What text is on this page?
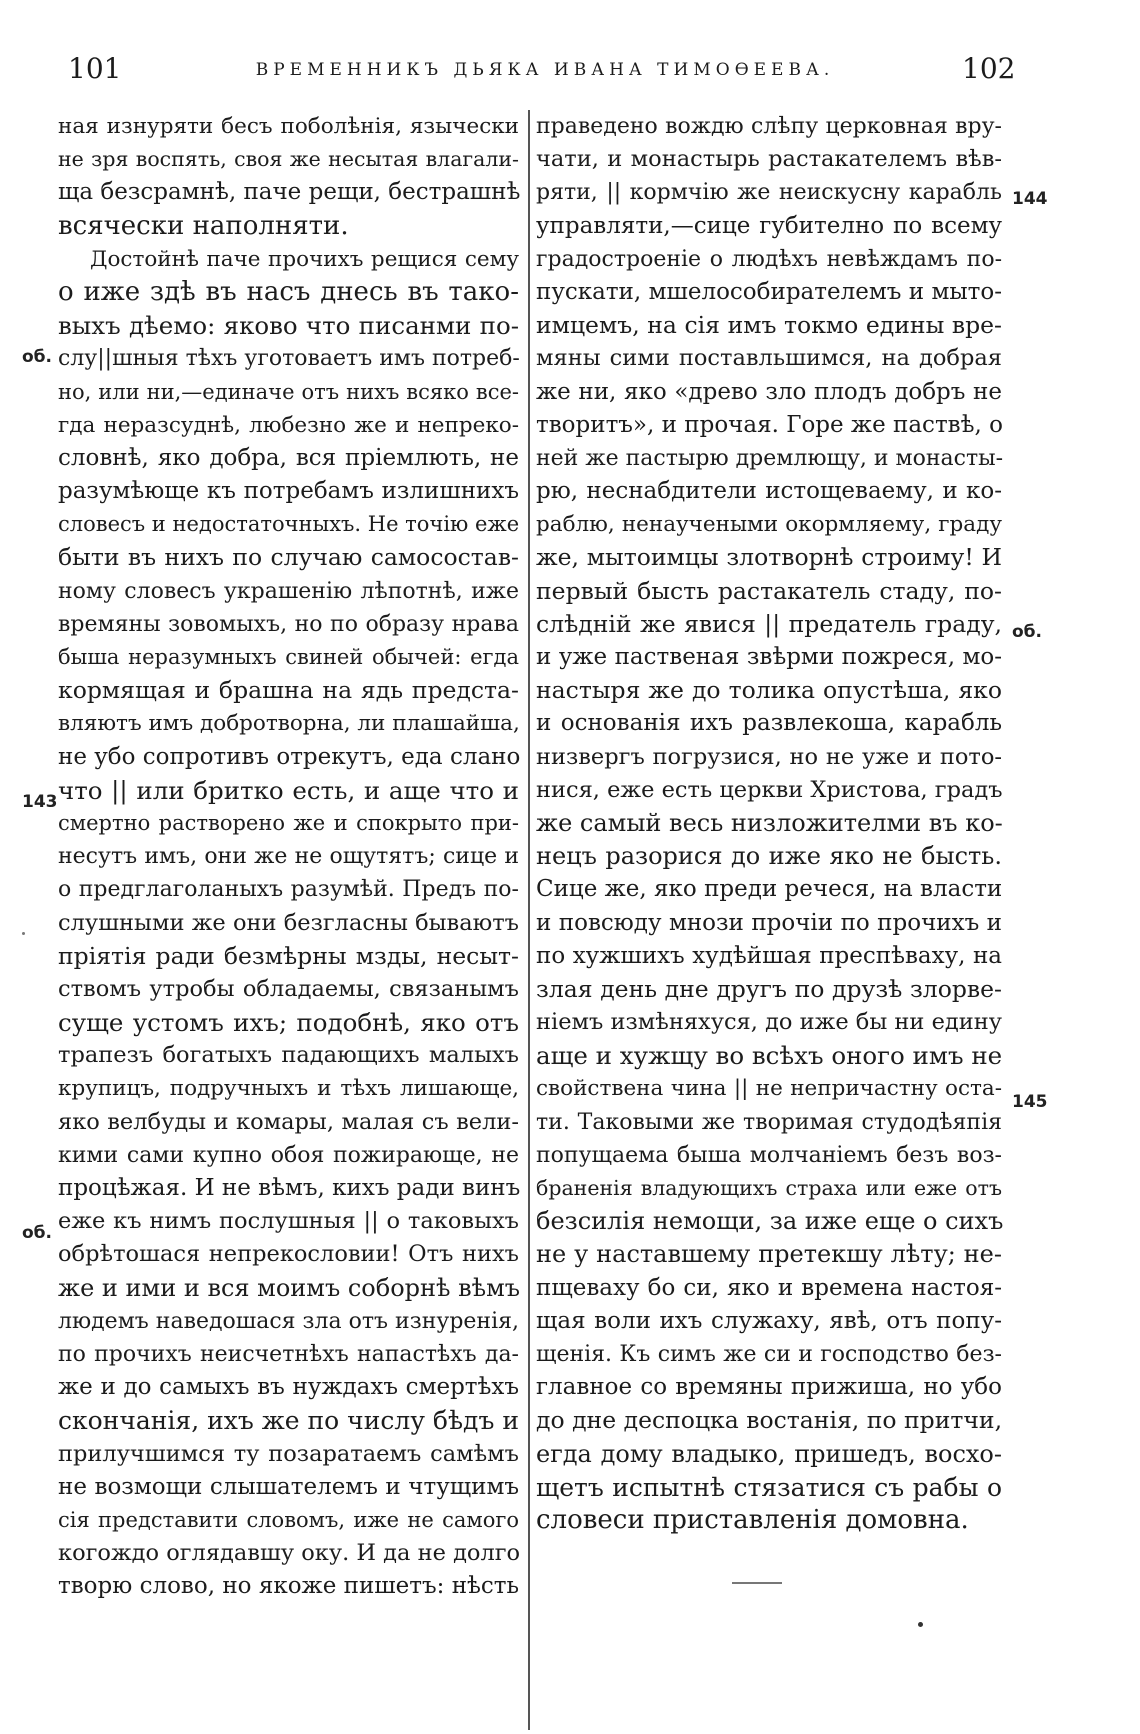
101	ВРЕМЕННИКЪ ДЬЯКА ИВАНА ТИМОѲЕЕВА.	102
ная изнуряти бесъ поболѣнія, язычески
не зря воспять, своя же несытая влагали-
ща безсрамнѣ, паче рещи, бестрашнѣ
всячески наполняти.
Достойнѣ паче прочихъ рещися сему
о иже здѣ въ насъ днесь въ тако-
выхъ дѣемо: яково что писанми по-
слу||шныя тѣхъ уготоваетъ имъ потреб-
но, или ни,—единаче отъ нихъ всяко все-
гда неразсуднѣ, любезно же и непреко-
словнѣ, яко добра, вся пріемлють, не
разумѣюще къ потребамъ излишнихъ
словесъ и недостаточныхъ. Не точію еже
быти въ нихъ по случаю самосостав-
ному словесъ украшенію лѣпотнѣ, иже
времяны зовомыхъ, но по образу нрава
быша неразумныхъ свиней обычей: егда
кормящая и брашна на ядь предста-
вляютъ имъ добротворна, ли плашайша,
не убо сопротивъ отрекутъ, еда слано
что || или бритко есть, и аще что и
смертно растворено же и спокрыто при-
несутъ имъ, они же не ощутятъ; сице и
о предглаголаныхъ разумѣй. Предъ по-
слушными же они безгласны бываютъ
пріятія ради безмѣрны мзды, несыт-
ствомъ утробы обладаемы, связанымъ
суще устомъ ихъ; подобнѣ, яко отъ
трапезъ богатыхъ падающихъ малыхъ
крупицъ, подручныхъ и тѣхъ лишающе,
яко велбуды и комары, малая съ вели-
кими сами купно обоя пожирающе, не
процѣжая. И не вѣмъ, кихъ ради винъ
еже къ нимъ послушныя || о таковыхъ
обрѣтошася непрекословии! Отъ нихъ
же и ими и вся моимъ соборнѣ вѣмъ
людемъ наведошася зла отъ изнуренія,
по прочихъ неисчетнѣхъ напастѣхъ да-
же и до самыхъ въ нуждахъ смертѣхъ
скончанія, ихъ же по числу бѣдъ и
прилучшимся ту позаратаемъ самѣмъ
не возмощи слышателемъ и чтущимъ
сія представити словомъ, иже не самого
когождо оглядавшу оку. И да не долго
творю слово, но якоже пишетъ: нѣсть
праведено вождю слѣпу церковная вру-
чати, и монастырь растакателемъ вѣв-
ряти, || кормчію же неискусну карабль
управляти,—сице губително по всему
градостроеніе о людѣхъ невѣждамъ по-
пускати, мшелособирателемъ и мыто-
имцемъ, на сія имъ токмо едины вре-
мяны сими поставльшимся, на добрая
же ни, яко «древо зло плодъ добръ не
творитъ», и прочая. Горе же паствѣ, о
ней же пастырю дремлющу, и монасты-
рю, неснабдители истощеваему, и ко-
раблю, ненаучеными окормляему, граду
же, мытоимцы злотворнѣ строиму! И
первый бысть растакатель стаду, по-
слѣдній же явися || предатель граду,
и уже паственая звѣрми пожреся, мо-
настыря же до толика опустѣша, яко
и основанія ихъ развлекоша, карабль
низвергъ погрузися, но не уже и пото-
нися, еже есть церкви Христова, градъ
же самый весь низложителми въ ко-
нецъ разорися до иже яко не бысть.
Сице же, яко преди речеся, на власти
и повсюду мнози прочіи по прочихъ и
по хужшихъ худѣйшая преспѣваху, на
злая день дне другъ по друзѣ злорве-
ніемъ измѣняхуся, до иже бы ни едину
аще и хужщу во всѣхъ оного имъ не
свойствена чина || не непричастну оста-
ти. Таковыми же творимая студодѣяпія
попущаема быша молчаніемъ безъ воз-
браненія владующихъ страха или еже отъ
безсилія немощи, за иже еще о сихъ
не у наставшему претекшу лѣту; не-
пщеваху бо си, яко и времена настоя-
щая воли ихъ служаху, явѣ, отъ попу-
щенія. Къ симъ же си и господство без-
главное со времяны прижиша, но убо
до дне деспоцка востанія, по притчи,
егда дому владыко, пришедъ, восхо-
щетъ испытнѣ стязатися съ рабы о
словеси приставленія домовна.
об.
143
об.
144
об.
145
